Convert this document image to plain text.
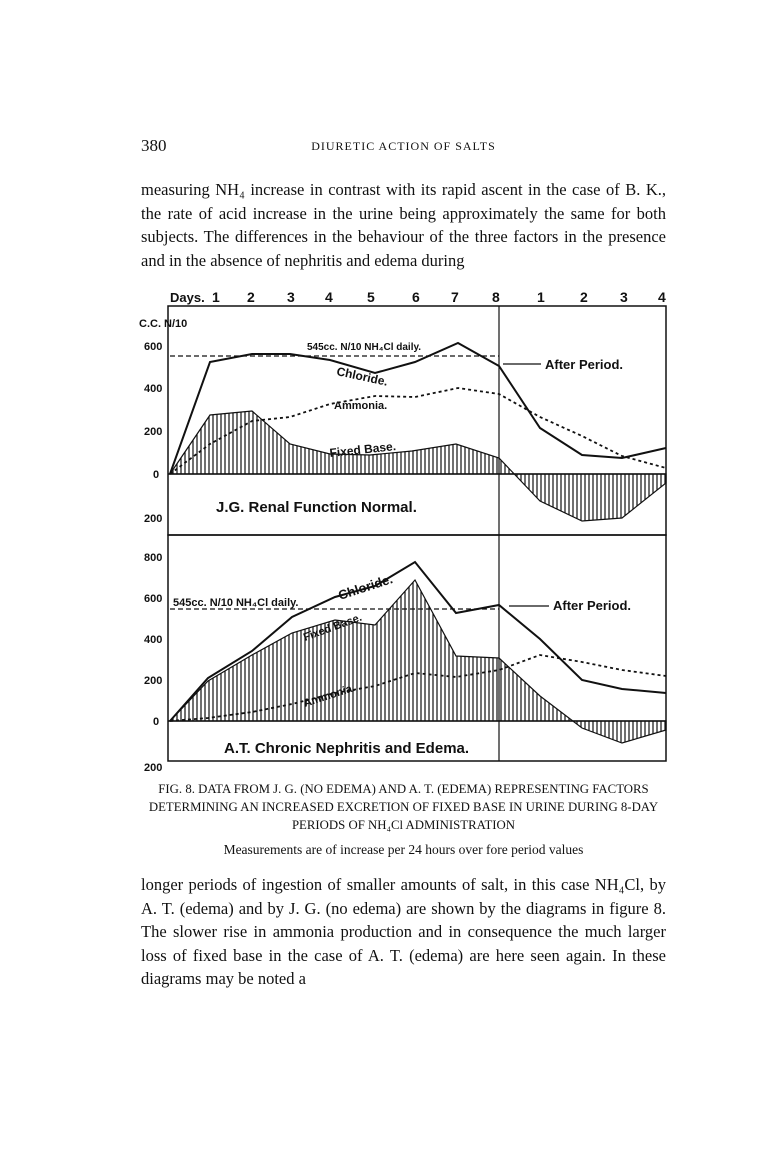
380	DIURETIC ACTION OF SALTS

measuring NH₄ increase in contrast with its rapid ascent in the case of B. K., the rate of acid increase in the urine being approximately the same for both subjects. The differences in the behaviour of the three factors in the presence and in the absence of nephritis and edema during

Days.
C.C. N/10
1 2 3 4 5	6 7 8	1	2 3 4
600
400
200
0
200
545cc. N/10 NH₄Cl daily.
After Period.
Chloride.
Ammonia.
Fixed Base.
J.G. Renal Function Normal.
800
600
400
200
0
200
545cc. N/10 NH₄Cl daily.	After Period.
Chloride.
Fixed Base.
Ammonia.
A.T. Chronic Nephritis and Edema.
FIG. 8. DATA FROM J. G. (NO EDEMA) AND A. T. (EDEMA) REPRESENTING FACTORS DETERMINING AN INCREASED EXCRETION OF FIXED BASE IN URINE DURING 8-DAY PERIODS OF NH₄Cl ADMINISTRATION
Measurements are of increase per 24 hours over fore period values

longer periods of ingestion of smaller amounts of salt, in this case NH₄Cl, by A. T. (edema) and by J. G. (no edema) are shown by the diagrams in figure 8. The slower rise in ammonia production and in consequence the much larger loss of fixed base in the case of A. T. (edema) are here seen again. In these diagrams may be noted a
